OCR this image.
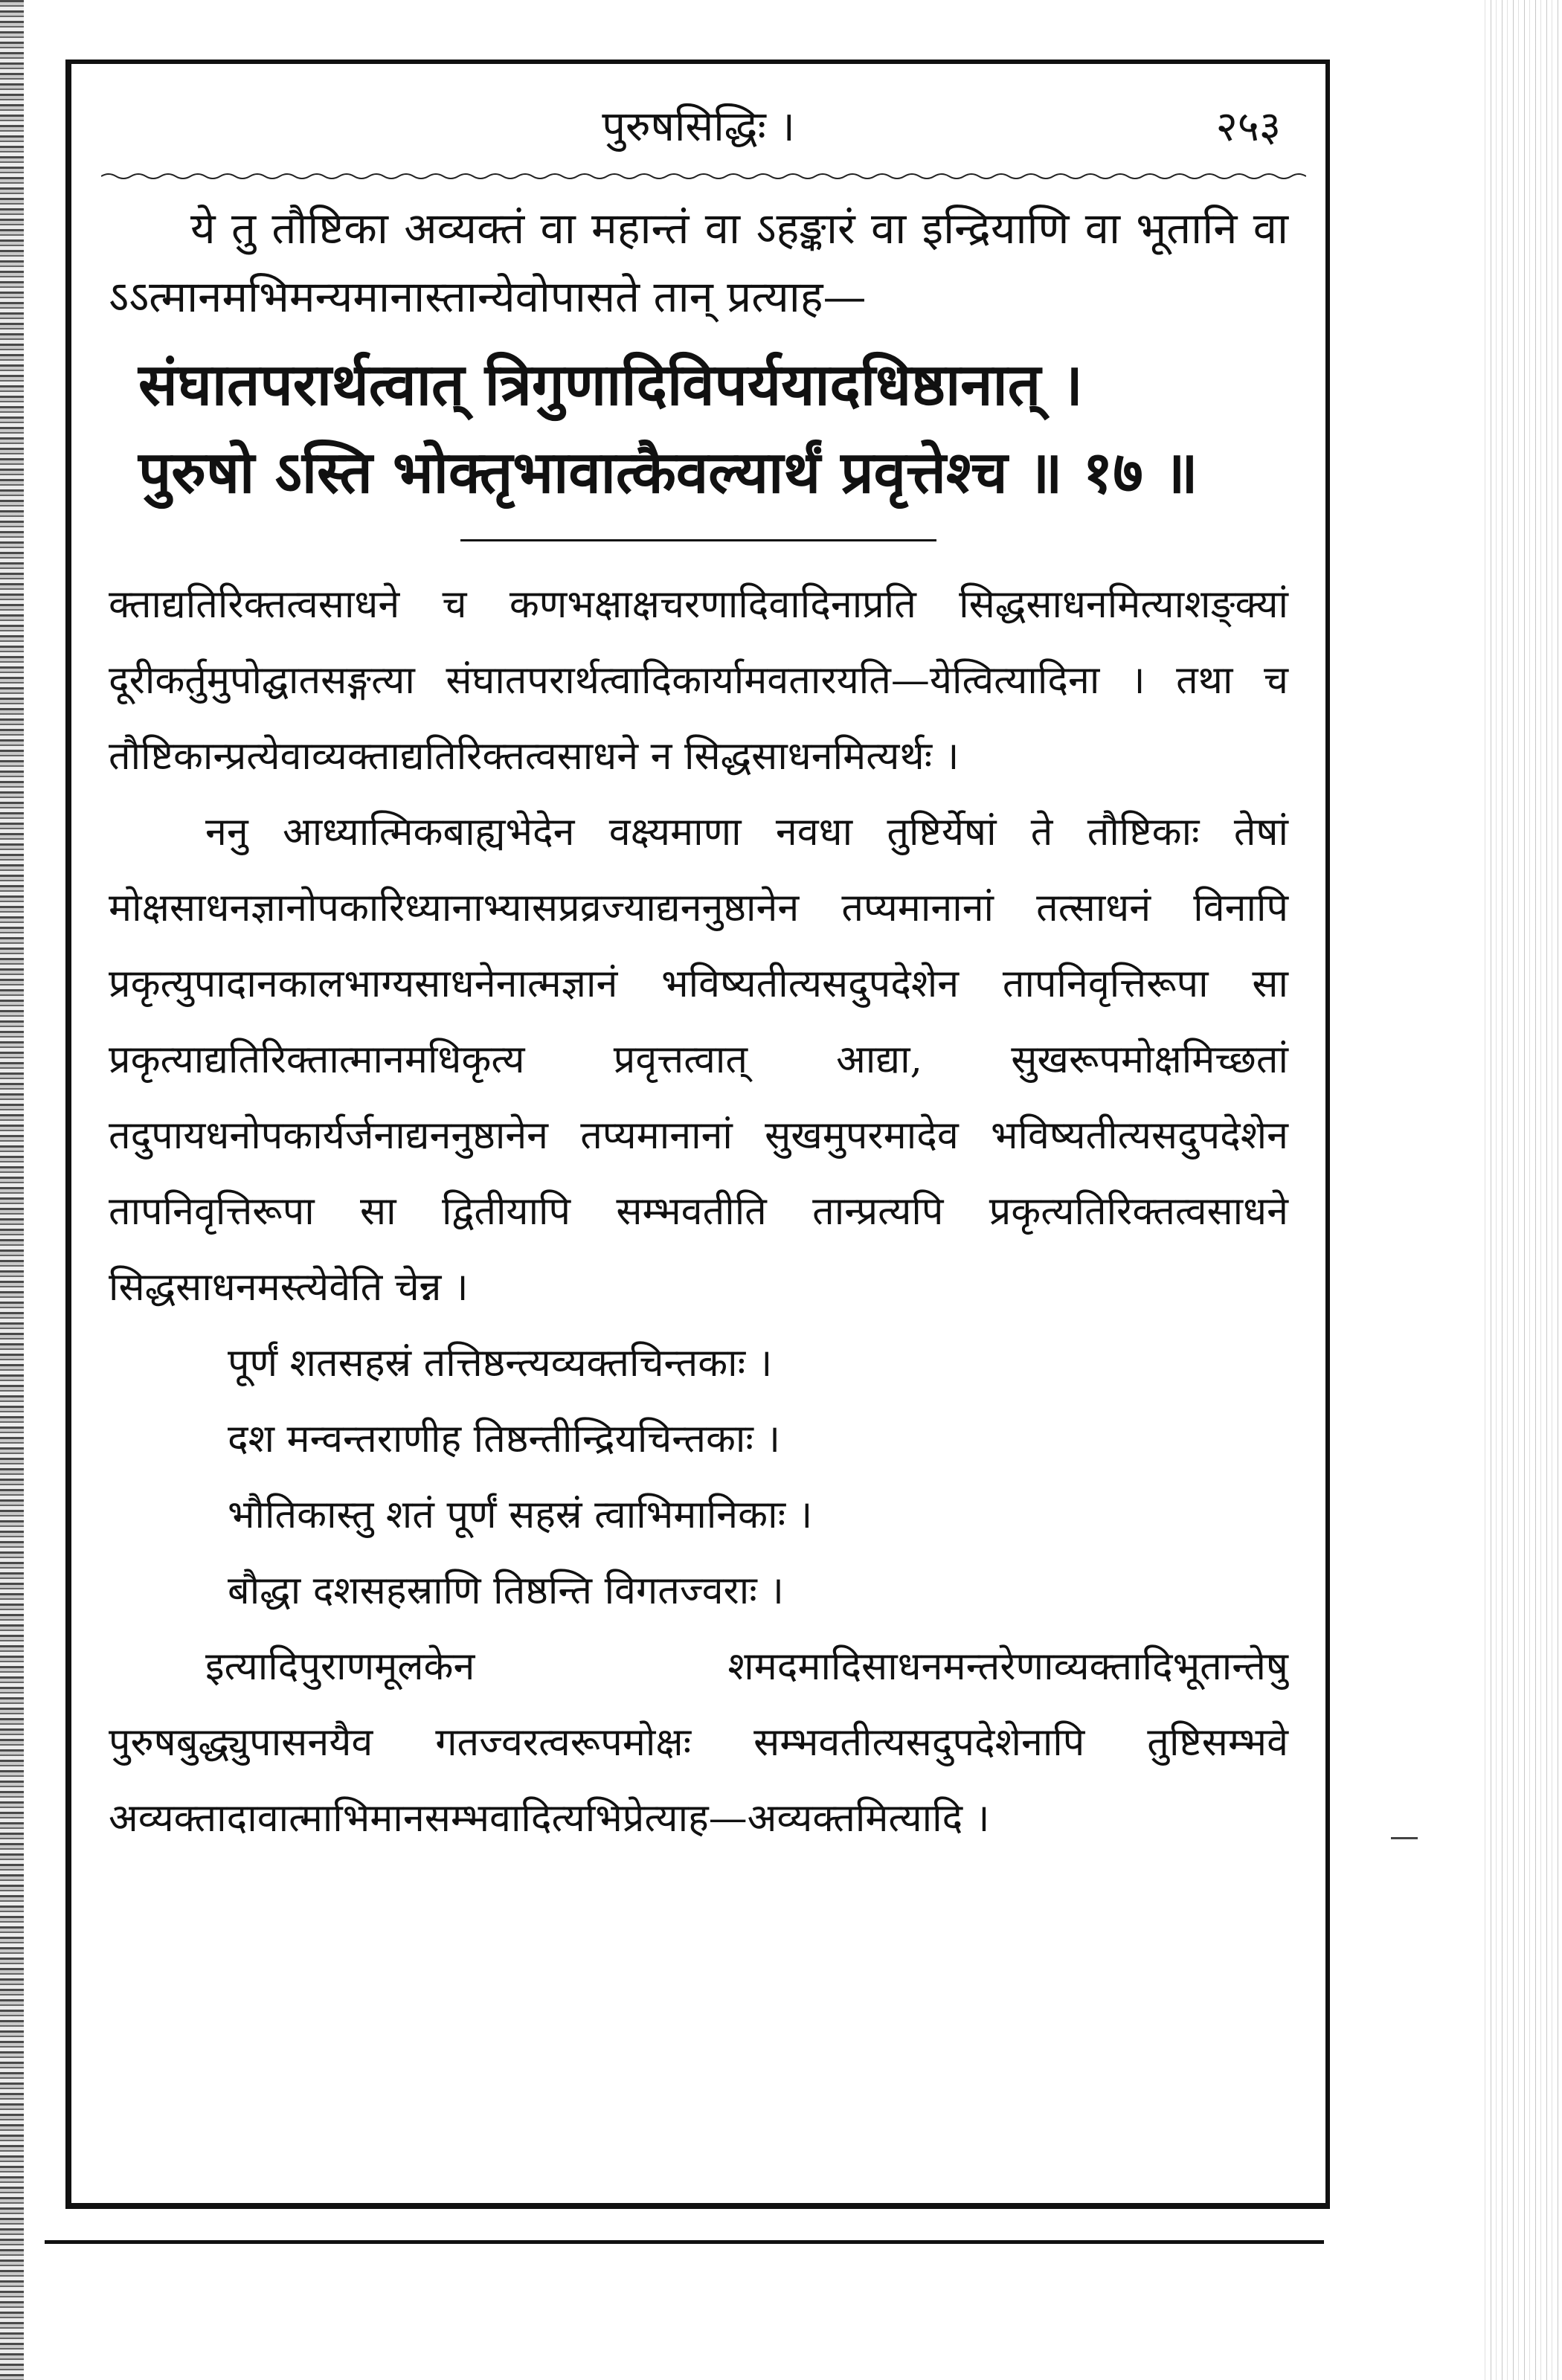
पुरुषसिद्धिः ।	२५३

ये तु तौष्टिका अव्यक्तं वा महान्तं वा ऽहङ्कारं वा इन्द्रियाणि वा भूतानि वा ऽऽत्मानमभिमन्यमानास्तान्येवोपासते तान् प्रत्याह—

संघातपरार्थत्वात् त्रिगुणादिविपर्ययादधिष्ठानात् ।
पुरुषो ऽस्ति भोक्तृभावात्कैवल्यार्थं प्रवृत्तेश्च ॥ १७ ॥

क्ताद्यतिरिक्तत्वसाधने च कणभक्षाक्षचरणादिवादिनाप्रति सिद्धसाधनमित्याशङ्क्यां दूरीकर्तुमुपोद्घातसङ्गत्या संघातपरार्थत्वादिकार्यामवतारयति—येत्वित्यादिना । तथा च तौष्टिकान्प्रत्येवाव्यक्ताद्यतिरिक्तत्वसाधने न सिद्धसाधनमित्यर्थः ।

ननु आध्यात्मिकबाह्यभेदेन वक्ष्यमाणा नवधा तुष्टिर्येषां ते तौष्टिकाः तेषां मोक्षसाधनज्ञानोपकारिध्यानाभ्यासप्रव्रज्याद्यननुष्ठानेन तप्यमानानां तत्साधनं विनापि प्रकृत्युपादानकालभाग्यसाधनेनात्मज्ञानं भविष्यतीत्यसदुपदेशेन तापनिवृत्तिरूपा सा प्रकृत्याद्यतिरिक्तात्मानमधिकृत्य प्रवृत्तत्वात् आद्या, सुखरूपमोक्षमिच्छतां तदुपायधनोपकार्यर्जनाद्यननुष्ठानेन तप्यमानानां सुखमुपरमादेव भविष्यतीत्यसदुपदेशेन तापनिवृत्तिरूपा सा द्वितीयापि सम्भवतीति तान्प्रत्यपि प्रकृत्यतिरिक्तत्वसाधने सिद्धसाधनमस्त्येवेति चेन्न ।

पूर्णं शतसहस्रं तत्तिष्ठन्त्यव्यक्तचिन्तकाः ।
दश मन्वन्तराणीह तिष्ठन्तीन्द्रियचिन्तकाः ।
भौतिकास्तु शतं पूर्णं सहस्रं त्वाभिमानिकाः ।
बौद्धा दशसहस्राणि तिष्ठन्ति विगतज्वराः ।

इत्यादिपुराणमूलकेन शमदमादिसाधनमन्तरेणाव्यक्तादिभूतान्तेषु पुरुषबुद्ध्युपासनयैव गतज्वरत्वरूपमोक्षः सम्भवतीत्यसदुपदेशेनापि तुष्टिसम्भवे अव्यक्तादावात्माभिमानसम्भवादित्यभिप्रेत्याह—अव्यक्तमित्यादि ।
